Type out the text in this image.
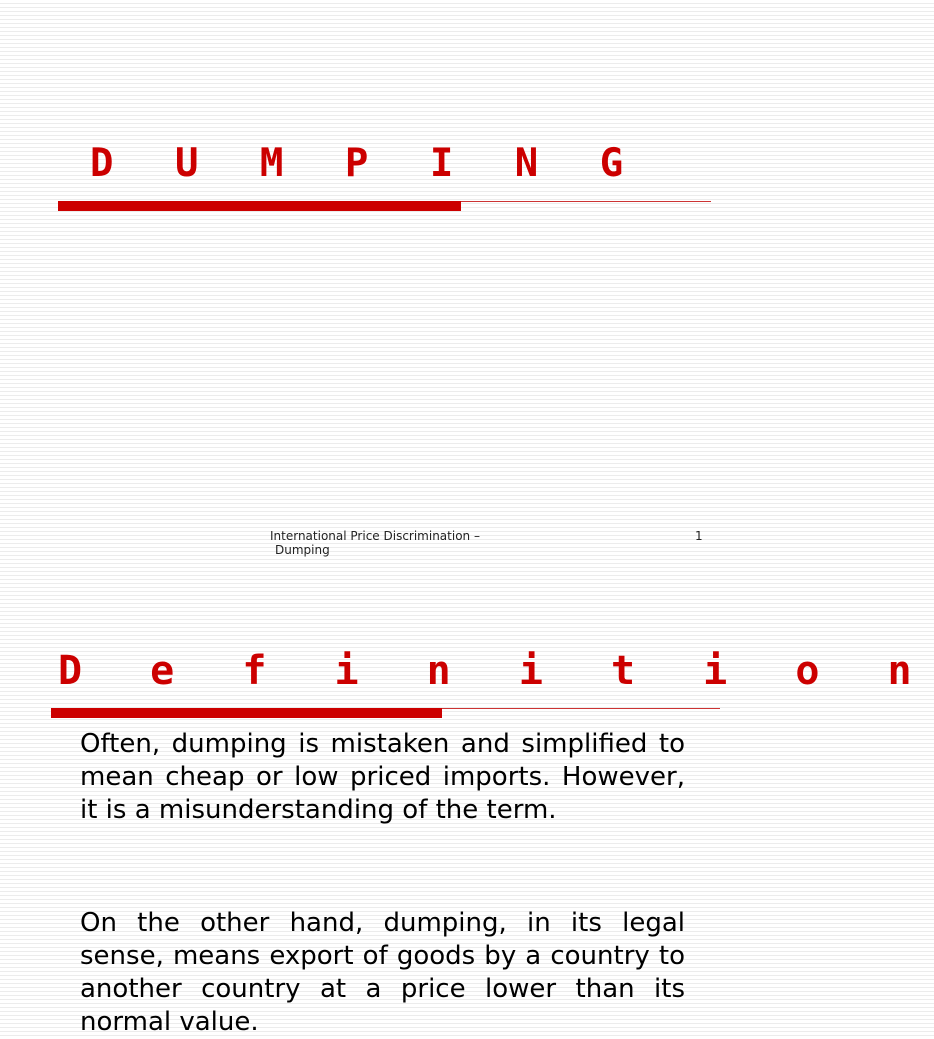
D U M P I N G

International Price Discrimination –
Dumping

1
D e f i n i t i o n

Often, dumping is mistaken and simplified to mean cheap or low priced imports. However, it is a misunderstanding of the term.

On the other hand, dumping, in its legal sense, means export of goods by a country to another country at a price lower than its normal value.
